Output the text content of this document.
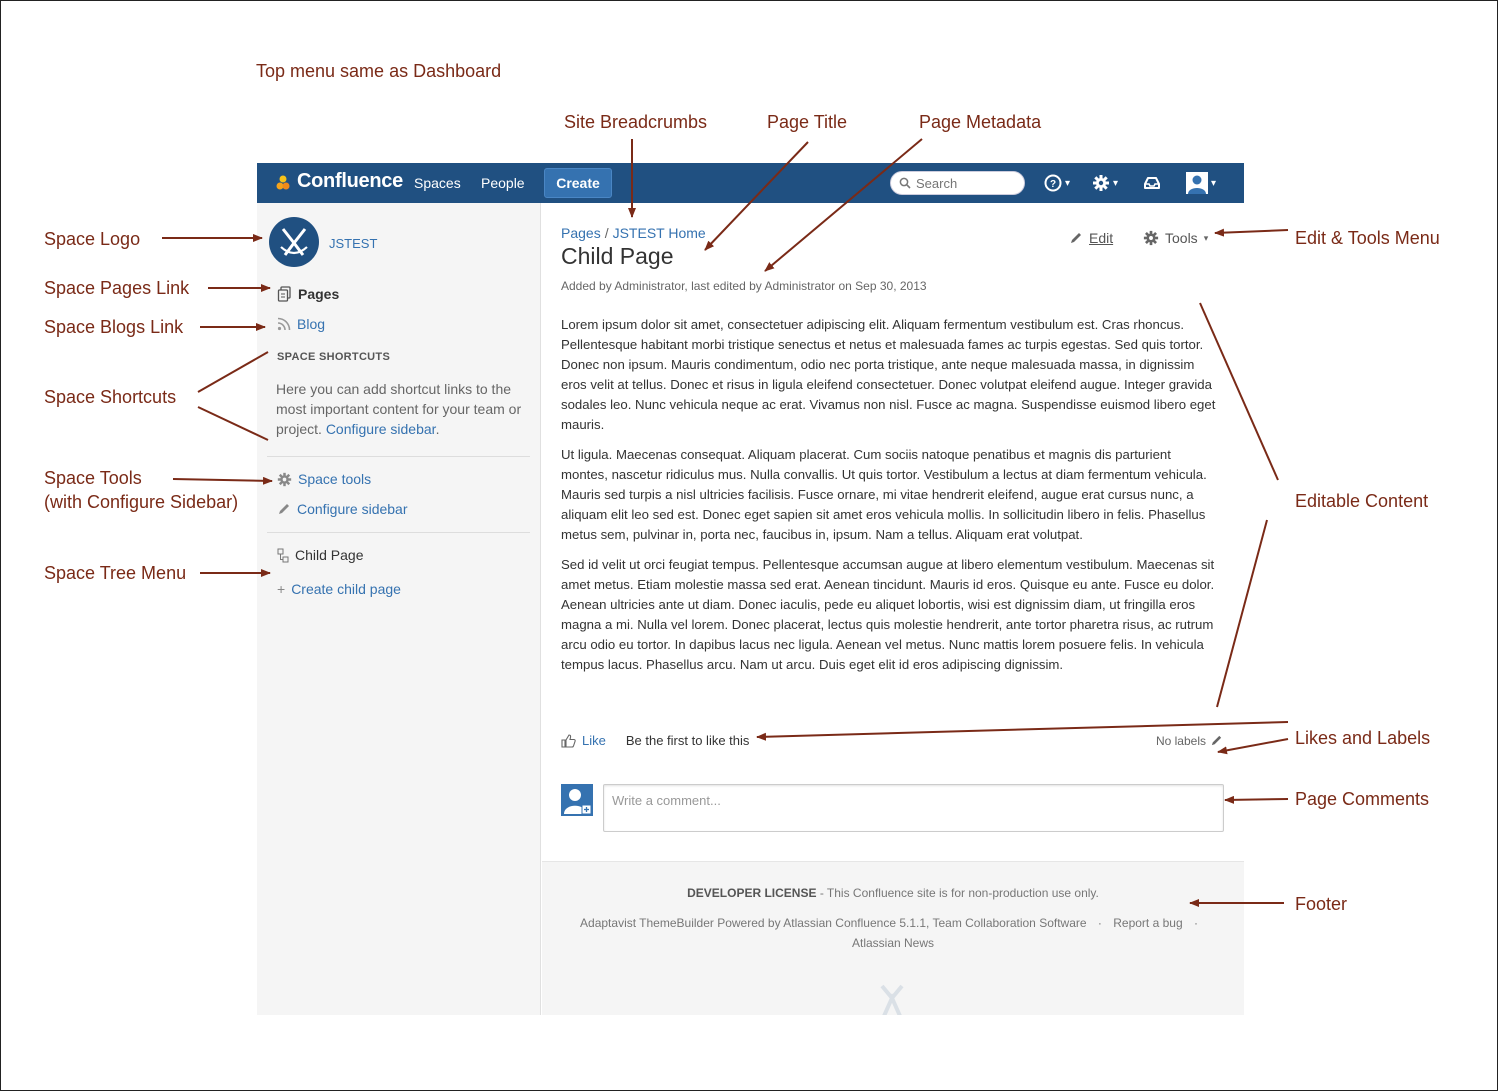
Top menu same as Dashboard
Site Breadcrumbs	Page Title	Page Metadata
Space Logo
Space Pages Link
Space Blogs Link
Space Shortcuts
Space Tools
(with Configure Sidebar)
Space Tree Menu
Edit & Tools Menu
Editable Content
Likes and Labels
Page Comments
Footer
Confluence Spaces People	Create
Search	? ▾	▾	▾
JSTEST
Pages
Blog
SPACE SHORTCUTS
Here you can add shortcut links to the most important content for your team or project. Configure sidebar.
Space tools
Configure sidebar
Child Page
+ Create child page
Pages / JSTEST Home
Child Page
Added by Administrator, last edited by Administrator on Sep 30, 2013
Edit	Tools ▾

Lorem ipsum dolor sit amet, consectetuer adipiscing elit. Aliquam fermentum vestibulum est. Cras rhoncus. Pellentesque habitant morbi tristique senectus et netus et malesuada fames ac turpis egestas. Sed quis tortor. Donec non ipsum. Mauris condimentum, odio nec porta tristique, ante neque malesuada massa, in dignissim eros velit at tellus. Donec et risus in ligula eleifend consectetuer. Donec volutpat eleifend augue. Integer gravida sodales leo. Nunc vehicula neque ac erat. Vivamus non nisl. Fusce ac magna. Suspendisse euismod libero eget mauris.

Ut ligula. Maecenas consequat. Aliquam placerat. Cum sociis natoque penatibus et magnis dis parturient montes, nascetur ridiculus mus. Nulla convallis. Ut quis tortor. Vestibulum a lectus at diam fermentum vehicula. Mauris sed turpis a nisl ultricies facilisis. Fusce ornare, mi vitae hendrerit eleifend, augue erat cursus nunc, a aliquam elit leo sed est. Donec eget sapien sit amet eros vehicula mollis. In sollicitudin libero in felis. Phasellus metus sem, pulvinar in, porta nec, faucibus in, ipsum. Nam a tellus. Aliquam erat volutpat.

Sed id velit ut orci feugiat tempus. Pellentesque accumsan augue at libero elementum vestibulum. Maecenas sit amet metus. Etiam molestie massa sed erat. Aenean tincidunt. Mauris id eros. Quisque eu ante. Fusce eu dolor. Aenean ultricies ante ut diam. Donec iaculis, pede eu aliquet lobortis, wisi est dignissim diam, ut fringilla eros magna a mi. Nulla vel lorem. Donec placerat, lectus quis molestie hendrerit, ante tortor pharetra risus, ac rutrum arcu odio eu tortor. In dapibus lacus nec ligula. Aenean vel metus. Nunc mattis lorem posuere felis. In vehicula tempus lacus. Phasellus arcu. Nam ut arcu. Duis eget elit id eros adipiscing dignissim.

Like Be the first to like this	No labels
Write a comment...
DEVELOPER LICENSE - This Confluence site is for non-production use only.
Adaptavist ThemeBuilder Powered by Atlassian Confluence 5.1.1, Team Collaboration Software · Report a bug ·
Atlassian News
